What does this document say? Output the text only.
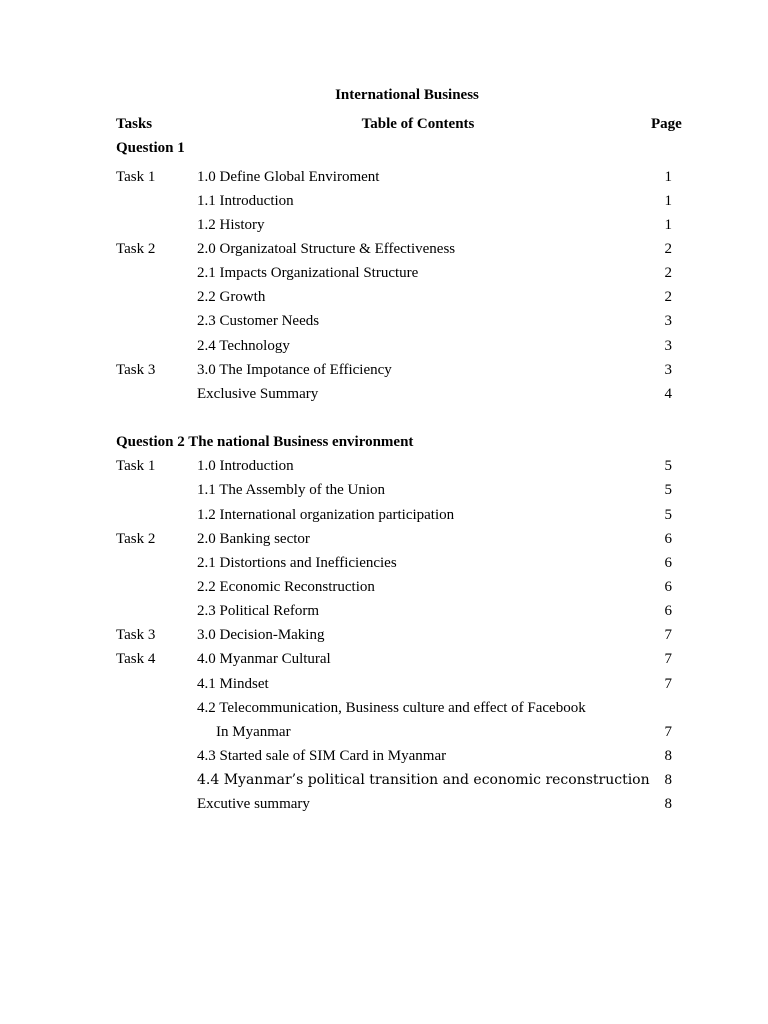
International Business
Tasks	Table of Contents	Page
Question 1
Task 1	1.0 Define Global Enviroment	1
1.1 Introduction	1
1.2 History	1
Task 2	2.0 Organizatoal Structure & Effectiveness	2
2.1 Impacts Organizational Structure	2
2.2 Growth	2
2.3 Customer Needs	3
2.4 Technology	3
Task 3	3.0 The Impotance of Efficiency	3
Exclusive Summary	4
Question 2 The national Business environment
Task 1	1.0 Introduction	5
1.1 The Assembly of the Union	5
1.2 International organization participation	5
Task 2	2.0 Banking sector	6
2.1 Distortions and Inefficiencies	6
2.2 Economic Reconstruction	6
2.3 Political Reform	6
Task 3	3.0 Decision-Making	7
Task 4	4.0 Myanmar Cultural	7
4.1 Mindset	7
4.2 Telecommunication, Business culture and effect of Facebook
In Myanmar	7
4.3 Started sale of SIM Card in Myanmar	8
4.4 Myanmar’s political transition and economic reconstruction 8
Excutive summary	8
